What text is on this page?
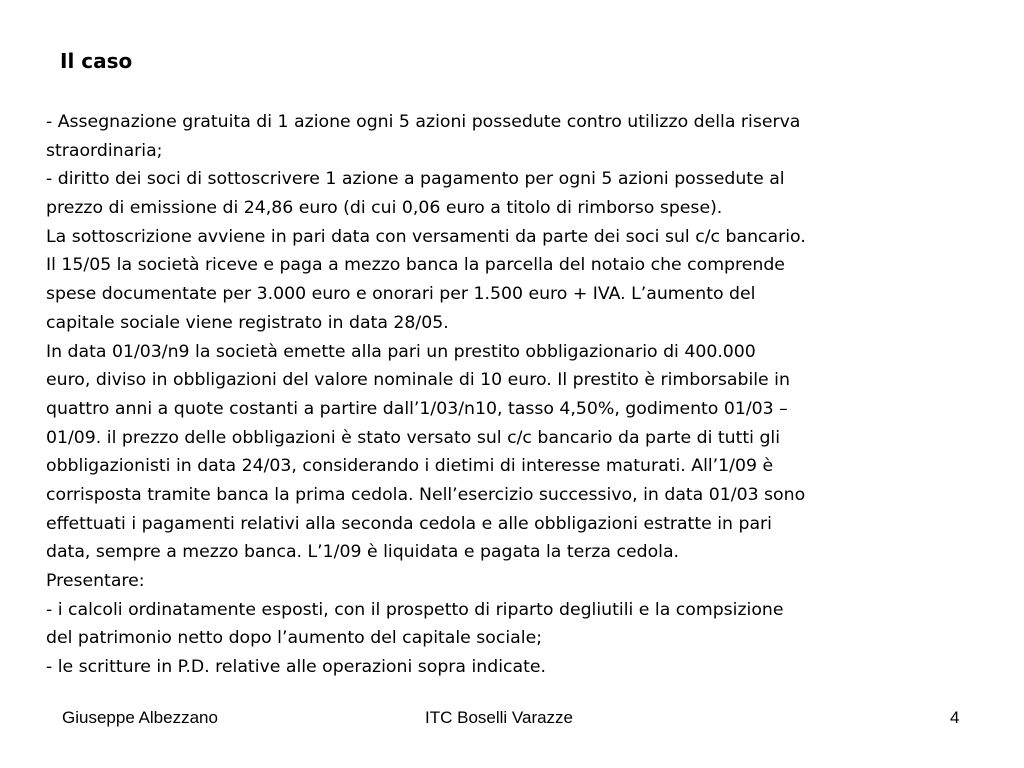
Il caso
- Assegnazione gratuita di 1 azione ogni 5 azioni possedute contro utilizzo della riserva
straordinaria;
- diritto dei soci di sottoscrivere 1 azione a pagamento per ogni 5 azioni possedute al
prezzo di emissione di 24,86 euro (di cui 0,06 euro a titolo di rimborso spese).
La sottoscrizione avviene in pari data con versamenti da parte dei soci sul c/c bancario.
Il 15/05 la società riceve e paga a mezzo banca la parcella del notaio che comprende
spese documentate per 3.000 euro e onorari per 1.500 euro + IVA. L’aumento del
capitale sociale viene registrato in data 28/05.
In data 01/03/n9 la società emette alla pari un prestito obbligazionario di 400.000
euro, diviso in obbligazioni del valore nominale di 10 euro. Il prestito è rimborsabile in
quattro anni a quote costanti a partire dall’1/03/n10, tasso 4,50%, godimento 01/03 –
01/09. il prezzo delle obbligazioni è stato versato sul c/c bancario da parte di tutti gli
obbligazionisti in data 24/03, considerando i dietimi di interesse maturati. All’1/09 è
corrisposta tramite banca la prima cedola. Nell’esercizio successivo, in data 01/03 sono
effettuati i pagamenti relativi alla seconda cedola e alle obbligazioni estratte in pari
data, sempre a mezzo banca. L’1/09 è liquidata e pagata la terza cedola.
Presentare:
- i calcoli ordinatamente esposti, con il prospetto di riparto degliutili e la compsizione
del patrimonio netto dopo l’aumento del capitale sociale;
- le scritture in P.D. relative alle operazioni sopra indicate.
Giuseppe Albezzano	ITC Boselli Varazze	4
